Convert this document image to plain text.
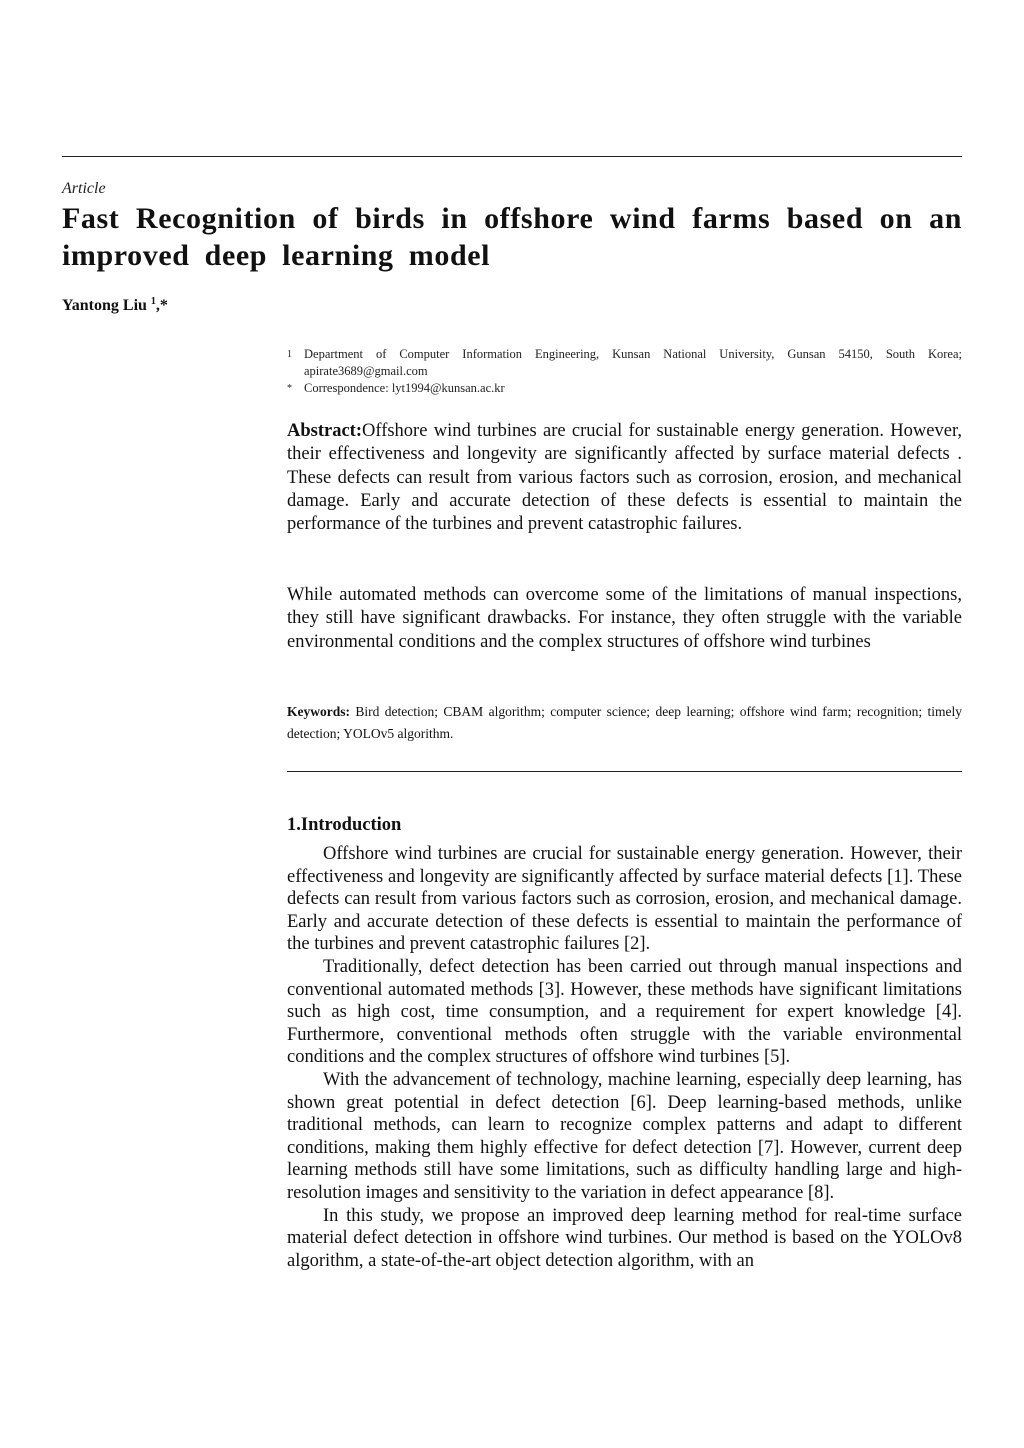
Article
Fast Recognition of birds in offshore wind farms based on an improved deep learning model
Yantong Liu $^1$,*
1 Department of Computer Information Engineering, Kunsan National University, Gunsan 54150, South Korea;
apirate3689@gmail.com
* Correspondence: lyt1994@kunsan.ac.kr

Abstract:Offshore wind turbines are crucial for sustainable energy generation. However, their effectiveness and longevity are significantly affected by surface material defects . These defects can result from various factors such as corrosion, erosion, and mechanical damage. Early and accurate detection of these defects is essential to maintain the performance of the turbines and prevent catastrophic failures.

While automated methods can overcome some of the limitations of manual inspections, they still have significant drawbacks. For instance, they often struggle with the variable environmental conditions and the complex structures of offshore wind turbines

Keywords: Bird detection; CBAM algorithm; computer science; deep learning; offshore wind farm; recognition; timely detection; YOLOv5 algorithm.

1.Introduction

Offshore wind turbines are crucial for sustainable energy generation. However, their effectiveness and longevity are significantly affected by surface material defects [1]. These defects can result from various factors such as corrosion, erosion, and mechanical damage. Early and accurate detection of these defects is essential to maintain the performance of the turbines and prevent catastrophic failures [2].

Traditionally, defect detection has been carried out through manual inspections and conventional automated methods [3]. However, these methods have significant limitations such as high cost, time consumption, and a requirement for expert knowledge [4]. Furthermore, conventional methods often struggle with the variable environmental conditions and the complex structures of offshore wind turbines [5].

With the advancement of technology, machine learning, especially deep learning, has shown great potential in defect detection [6]. Deep learning-based methods, unlike traditional methods, can learn to recognize complex patterns and adapt to different conditions, making them highly effective for defect detection [7]. However, current deep learning methods still have some limitations, such as difficulty handling large and high-resolution images and sensitivity to the variation in defect appearance [8].

In this study, we propose an improved deep learning method for real-time surface material defect detection in offshore wind turbines. Our method is based on the YOLOv8 algorithm, a state-of-the-art object detection algorithm, with an
